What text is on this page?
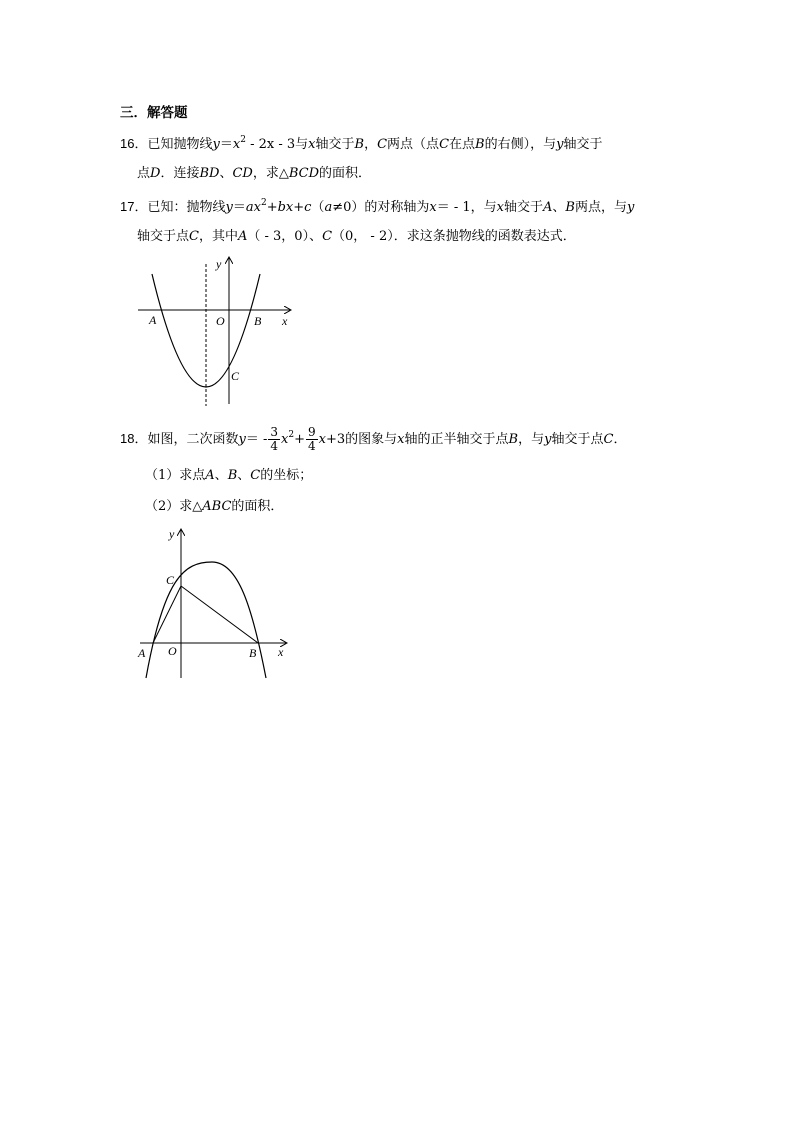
三．解答题
16．已知抛物线$y=x^2 - 2x - 3$与x轴交于B，C两点（点C在点B的右侧），与y轴交于
点D．连接BD、CD，求△BCD的面积．
17．已知：抛物线$y=ax^2+bx+c(a\ne 0)$的对称轴为x＝ - 1，与x轴交于A、B两点，与y
轴交于点C，其中A（ - 3，0）、C（0， - 2）．求这条抛物线的函数表达式．
y
x
A	O B
C
18．如图，二次函数$y= - \frac{3}{4} x^2+ \frac{9}{4} x+3$的图象与x轴的正半轴交于点B，与y轴交于点C．
（1）求点A、B、C的坐标；
（2）求△ABC的面积．
y
C
A O	B x
